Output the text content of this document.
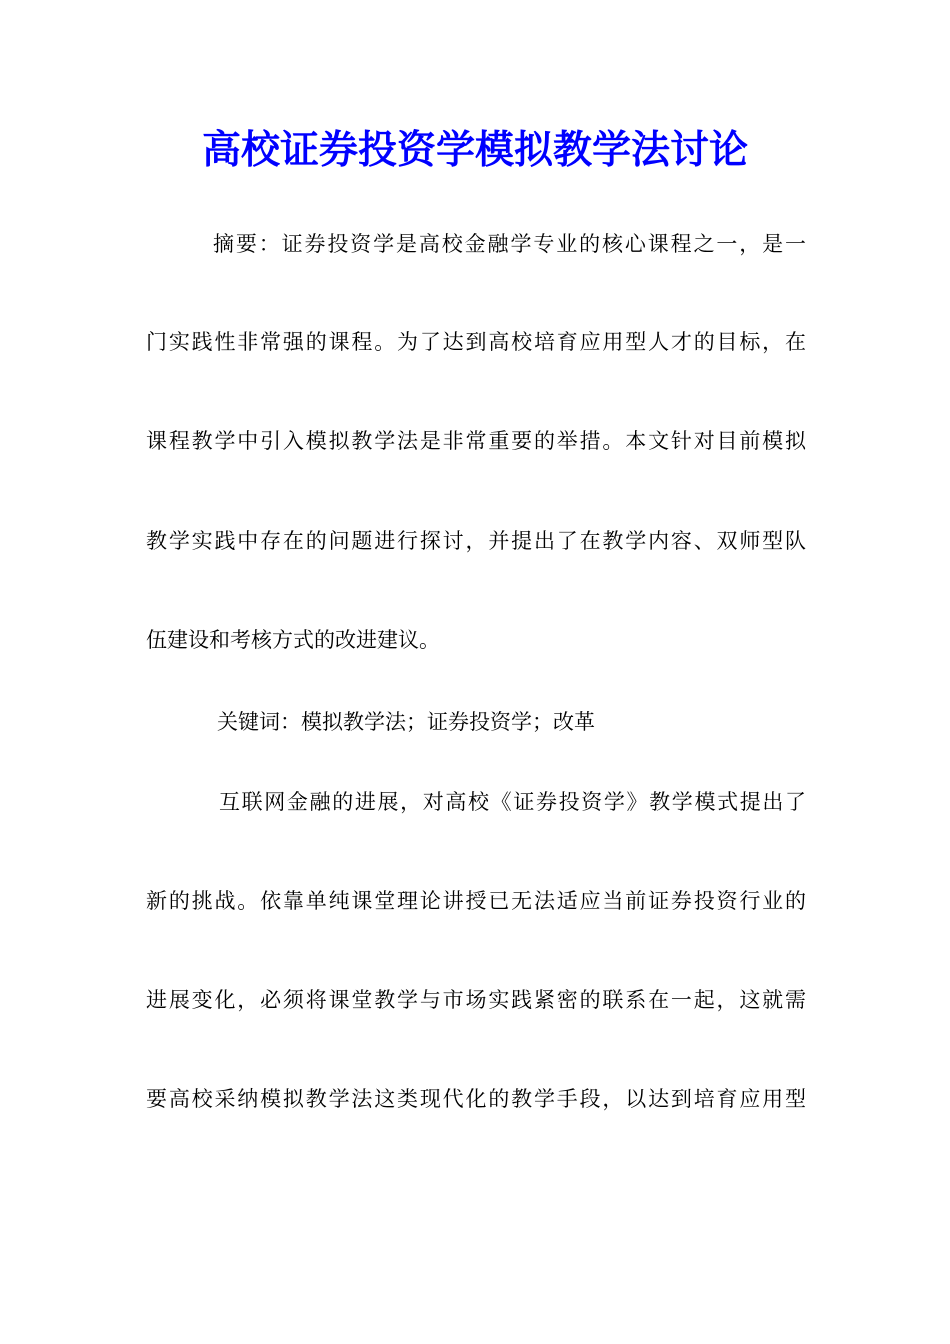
高校证券投资学模拟教学法讨论
摘要：证券投资学是高校金融学专业的核心课程之一，是一
门实践性非常强的课程。为了达到高校培育应用型人才的目标，在
课程教学中引入模拟教学法是非常重要的举措。本文针对目前模拟
教学实践中存在的问题进行探讨，并提出了在教学内容、双师型队
伍建设和考核方式的改进建议。
关键词：模拟教学法；证券投资学；改革
互联网金融的进展，对高校《证券投资学》教学模式提出了
新的挑战。依靠单纯课堂理论讲授已无法适应当前证券投资行业的
进展变化，必须将课堂教学与市场实践紧密的联系在一起，这就需
要高校采纳模拟教学法这类现代化的教学手段，以达到培育应用型
